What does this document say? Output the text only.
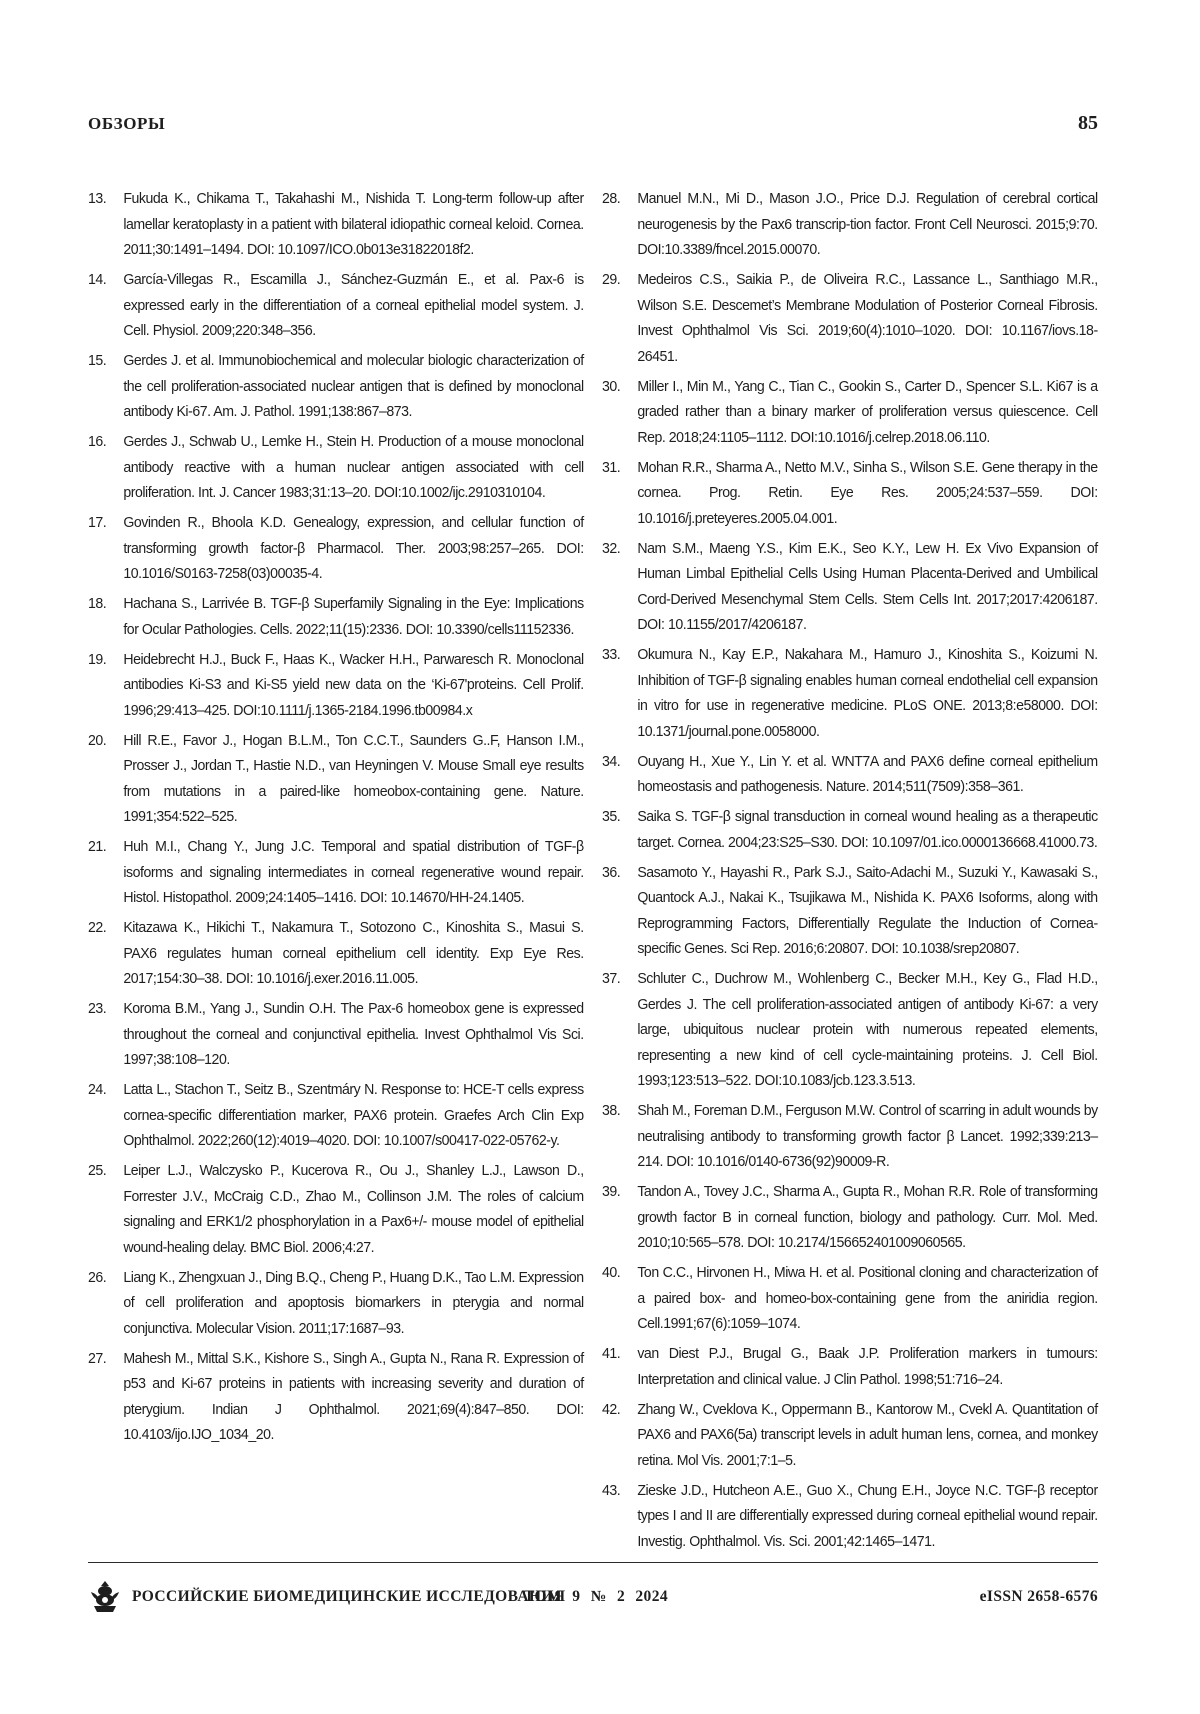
ОБЗОРЫ	85
13. Fukuda K., Chikama T., Takahashi M., Nishida T. Long-term follow-up after lamellar keratoplasty in a patient with bilateral idiopathic corneal keloid. Cornea. 2011;30:1491–1494. DOI: 10.1097/ICO.0b013e31822018f2.
14. García-Villegas R., Escamilla J., Sánchez-Guzmán E., et al. Pax-6 is expressed early in the differentiation of a corneal epithelial model system. J. Cell. Physiol. 2009;220:348–356.
15. Gerdes J. et al. Immunobiochemical and molecular biologic characterization of the cell proliferation-associated nuclear antigen that is defined by monoclonal antibody Ki-67. Am. J. Pathol. 1991;138:867–873.
16. Gerdes J., Schwab U., Lemke H., Stein H. Production of a mouse monoclonal antibody reactive with a human nuclear antigen associated with cell proliferation. Int. J. Cancer 1983;31:13–20. DOI:10.1002/ijc.2910310104.
17. Govinden R., Bhoola K.D. Genealogy, expression, and cellular function of transforming growth factor-β Pharmacol. Ther. 2003;98:257–265. DOI: 10.1016/S0163-7258(03)00035-4.
18. Hachana S., Larrivée B. TGF-β Superfamily Signaling in the Eye: Implications for Ocular Pathologies. Cells. 2022;11(15):2336. DOI: 10.3390/cells11152336.
19. Heidebrecht H.J., Buck F., Haas K., Wacker H.H., Parwaresch R. Monoclonal antibodies Ki-S3 and Ki-S5 yield new data on the ‘Ki-67'proteins. Cell Prolif. 1996;29:413–425. DOI:10.1111/j.1365-2184.1996.tb00984.x
20. Hill R.E., Favor J., Hogan B.L.M., Ton C.C.T., Saunders G..F, Hanson I.M., Prosser J., Jordan T., Hastie N.D., van Heyningen V. Mouse Small eye results from mutations in a paired-like homeobox-containing gene. Nature. 1991;354:522–525.
21. Huh M.I., Chang Y., Jung J.C. Temporal and spatial distribution of TGF-β isoforms and signaling intermediates in corneal regenerative wound repair. Histol. Histopathol. 2009;24:1405–1416. DOI: 10.14670/HH-24.1405.
22. Kitazawa K., Hikichi T., Nakamura T., Sotozono C., Kinoshita S., Masui S. PAX6 regulates human corneal epithelium cell identity. Exp Eye Res. 2017;154:30–38. DOI: 10.1016/j.exer.2016.11.005.
23. Koroma B.M., Yang J., Sundin O.H. The Pax-6 homeobox gene is expressed throughout the corneal and conjunctival epithelia. Invest Ophthalmol Vis Sci. 1997;38:108–120.
24. Latta L., Stachon T., Seitz B., Szentmáry N. Response to: HCE-T cells express cornea-specific differentiation marker, PAX6 protein. Graefes Arch Clin Exp Ophthalmol. 2022;260(12):4019–4020. DOI: 10.1007/s00417-022-05762-y.
25. Leiper L.J., Walczysko P., Kucerova R., Ou J., Shanley L.J., Lawson D., Forrester J.V., McCraig C.D., Zhao M., Collinson J.M. The roles of calcium signaling and ERK1/2 phosphorylation in a Pax6+/- mouse model of epithelial wound-healing delay. BMC Biol. 2006;4:27.
26. Liang K., Zhengxuan J., Ding B.Q., Cheng P., Huang D.K., Tao L.M. Expression of cell proliferation and apoptosis biomarkers in pterygia and normal conjunctiva. Molecular Vision. 2011;17:1687–93.
27. Mahesh M., Mittal S.K., Kishore S., Singh A., Gupta N., Rana R. Expression of p53 and Ki-67 proteins in patients with increasing severity and duration of pterygium. Indian J Ophthalmol. 2021;69(4):847–850. DOI: 10.4103/ijo.IJO_1034_20.
28. Manuel M.N., Mi D., Mason J.O., Price D.J. Regulation of cerebral cortical neurogenesis by the Pax6 transcrip-tion factor. Front Cell Neurosci. 2015;9:70. DOI:10.3389/fncel.2015.00070.
29. Medeiros C.S., Saikia P., de Oliveira R.C., Lassance L., Santhiago M.R., Wilson S.E. Descemet’s Membrane Modulation of Posterior Corneal Fibrosis. Invest Ophthalmol Vis Sci. 2019;60(4):1010–1020. DOI: 10.1167/iovs.18-26451.
30. Miller I., Min M., Yang C., Tian C., Gookin S., Carter D., Spencer S.L. Ki67 is a graded rather than a binary marker of proliferation versus quiescence. Cell Rep. 2018;24:1105–1112. DOI:10.1016/j.celrep.2018.06.110.
31. Mohan R.R., Sharma A., Netto M.V., Sinha S., Wilson S.E. Gene therapy in the cornea. Prog. Retin. Eye Res. 2005;24:537–559. DOI: 10.1016/j.preteyeres.2005.04.001.
32. Nam S.M., Maeng Y.S., Kim E.K., Seo K.Y., Lew H. Ex Vivo Expansion of Human Limbal Epithelial Cells Using Human Placenta-Derived and Umbilical Cord-Derived Mesenchymal Stem Cells. Stem Cells Int. 2017;2017:4206187. DOI: 10.1155/2017/4206187.
33. Okumura N., Kay E.P., Nakahara M., Hamuro J., Kinoshita S., Koizumi N. Inhibition of TGF-β signaling enables human corneal endothelial cell expansion in vitro for use in regenerative medicine. PLoS ONE. 2013;8:e58000. DOI: 10.1371/journal.pone.0058000.
34. Ouyang H., Xue Y., Lin Y. et al. WNT7A and PAX6 define corneal epithelium homeostasis and pathogenesis. Nature. 2014;511(7509):358–361.
35. Saika S. TGF-β signal transduction in corneal wound healing as a therapeutic target. Cornea. 2004;23:S25–S30. DOI: 10.1097/01.ico.0000136668.41000.73.
36. Sasamoto Y., Hayashi R., Park S.J., Saito-Adachi M., Suzuki Y., Kawasaki S., Quantock A.J., Nakai K., Tsujikawa M., Nishida K. PAX6 Isoforms, along with Reprogramming Factors, Differentially Regulate the Induction of Cornea-specific Genes. Sci Rep. 2016;6:20807. DOI: 10.1038/srep20807.
37. Schluter C., Duchrow M., Wohlenberg C., Becker M.H., Key G., Flad H.D., Gerdes J. The cell proliferation-associated antigen of antibody Ki-67: a very large, ubiquitous nuclear protein with numerous repeated elements, representing a new kind of cell cycle-maintaining proteins. J. Cell Biol. 1993;123:513–522. DOI:10.1083/jcb.123.3.513.
38. Shah M., Foreman D.M., Ferguson M.W. Control of scarring in adult wounds by neutralising antibody to transforming growth factor β Lancet. 1992;339:213–214. DOI: 10.1016/0140-6736(92)90009-R.
39. Tandon A., Tovey J.C., Sharma A., Gupta R., Mohan R.R. Role of transforming growth factor Β in corneal function, biology and pathology. Curr. Mol. Med. 2010;10:565–578. DOI: 10.2174/156652401009060565.
40. Ton C.C., Hirvonen H., Miwa H. et al. Positional cloning and characterization of a paired box- and homeo-box-containing gene from the aniridia region. Cell.1991;67(6):1059–1074.
41. van Diest P.J., Brugal G., Baak J.P. Proliferation markers in tumours: Interpretation and clinical value. J Clin Pathol. 1998;51:716–24.
42. Zhang W., Cveklova K., Oppermann B., Kantorow M., Cvekl A. Quantitation of PAX6 and PAX6(5a) transcript levels in adult human lens, cornea, and monkey retina. Mol Vis. 2001;7:1–5.
43. Zieske J.D., Hutcheon A.E., Guo X., Chung E.H., Joyce N.C. TGF-β receptor types I and II are differentially expressed during corneal epithelial wound repair. Investig. Ophthalmol. Vis. Sci. 2001;42:1465–1471.
РОССИЙСКИЕ БИОМЕДИЦИНСКИЕ ИССЛЕДОВАНИЯ
ТОМ 9 № 2 2024	eISSN 2658-6576
